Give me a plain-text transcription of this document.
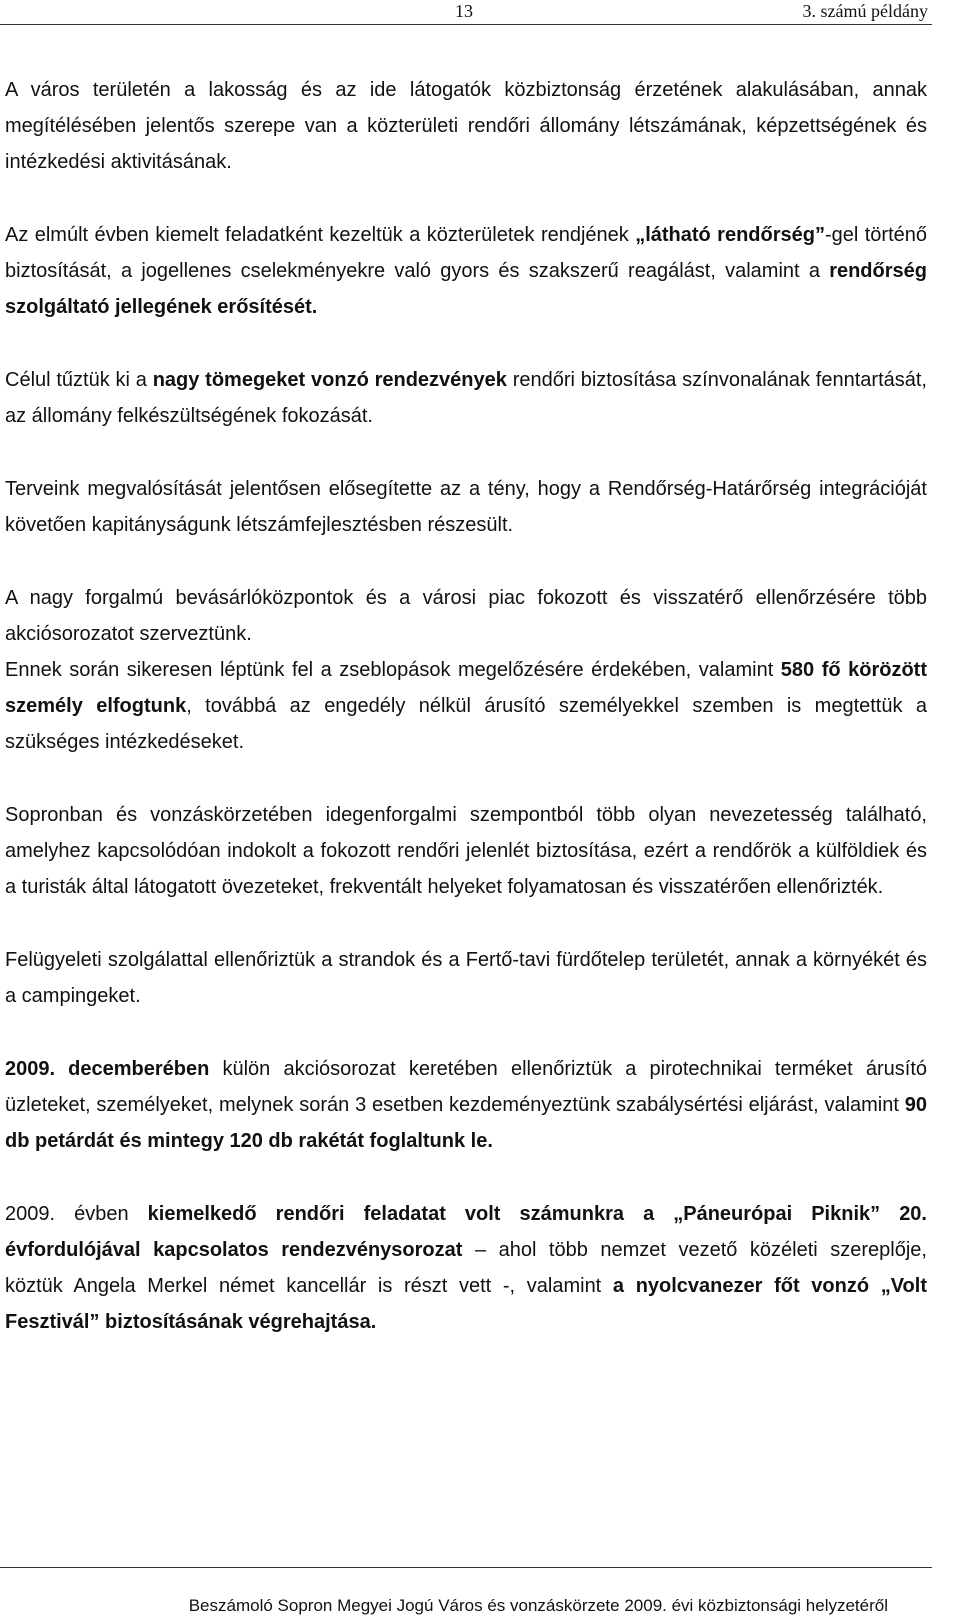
13	3. számú példány

A város területén a lakosság és az ide látogatók közbiztonság érzetének alakulásában, annak megítélésében jelentős szerepe van a közterületi rendőri állomány létszámának, képzettségének és intézkedési aktivitásának.

Az elmúlt évben kiemelt feladatként kezeltük a közterületek rendjének „látható rendőrség”-gel történő biztosítását, a jogellenes cselekményekre való gyors és szakszerű reagálást, valamint a rendőrség szolgáltató jellegének erősítését.

Célul tűztük ki a nagy tömegeket vonzó rendezvények rendőri biztosítása színvonalának fenntartását, az állomány felkészültségének fokozását.

Terveink megvalósítását jelentősen elősegítette az a tény, hogy a Rendőrség-Határőrség integrációját követően kapitányságunk létszámfejlesztésben részesült.

A nagy forgalmú bevásárlóközpontok és a városi piac fokozott és visszatérő ellenőrzésére több akciósorozatot szerveztünk.

Ennek során sikeresen léptünk fel a zseblopások megelőzésére érdekében, valamint 580 fő körözött személy elfogtunk, továbbá az engedély nélkül árusító személyekkel szemben is megtettük a szükséges intézkedéseket.

Sopronban és vonzáskörzetében idegenforgalmi szempontból több olyan nevezetesség található, amelyhez kapcsolódóan indokolt a fokozott rendőri jelenlét biztosítása, ezért a rendőrök a külföldiek és a turisták által látogatott övezeteket, frekventált helyeket folyamatosan és visszatérően ellenőrizték.

Felügyeleti szolgálattal ellenőriztük a strandok és a Fertő-tavi fürdőtelep területét, annak a környékét és a campingeket.

2009. decemberében külön akciósorozat keretében ellenőriztük a pirotechnikai terméket árusító üzleteket, személyeket, melynek során 3 esetben kezdeményeztünk szabálysértési eljárást, valamint 90 db petárdát és mintegy 120 db rakétát foglaltunk le.

2009. évben kiemelkedő rendőri feladatat volt számunkra a „Páneurópai Piknik” 20. évfordulójával kapcsolatos rendezvénysorozat – ahol több nemzet vezető közéleti szereplője, köztük Angela Merkel német kancellár is részt vett -, valamint a nyolcvanezer főt vonzó „Volt Fesztivál” biztosításának végrehajtása.

Beszámoló Sopron Megyei Jogú Város és vonzáskörzete 2009. évi közbiztonsági helyzetéről
